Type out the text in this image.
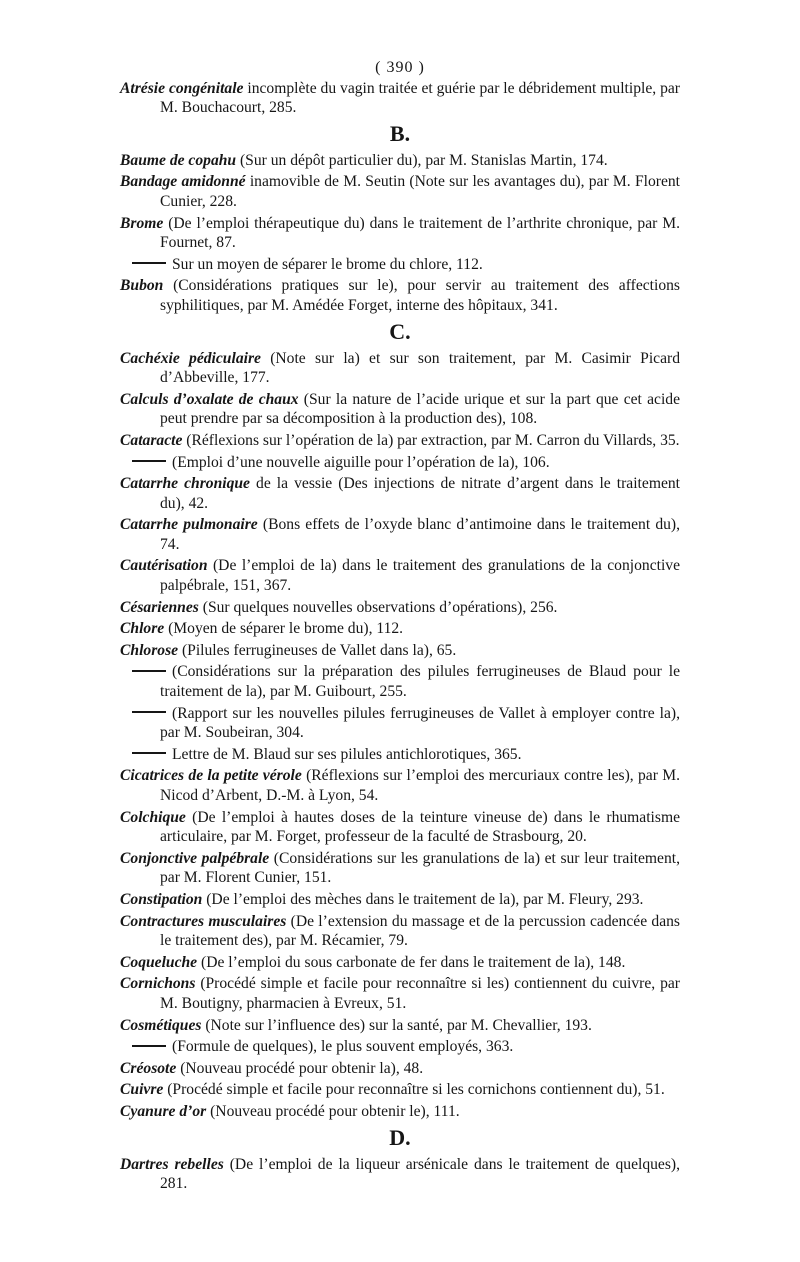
( 390 )

Atrésie congénitale incomplète du vagin traitée et guérie par le débridement multiple, par M. Bouchacourt, 285.

B.

Baume de copahu (Sur un dépôt particulier du), par M. Stanislas Martin, 174.

Bandage amidonné inamovible de M. Seutin (Note sur les avantages du), par M. Florent Cunier, 228.

Brome (De l’emploi thérapeutique du) dans le traitement de l’arthrite chronique, par M. Fournet, 87.

Sur un moyen de séparer le brome du chlore, 112.

Bubon (Considérations pratiques sur le), pour servir au traitement des affections syphilitiques, par M. Amédée Forget, interne des hôpitaux, 341.

C.

Cachéxie pédiculaire (Note sur la) et sur son traitement, par M. Casimir Picard d’Abbeville, 177.

Calculs d’oxalate de chaux (Sur la nature de l’acide urique et sur la part que cet acide peut prendre par sa décomposition à la production des), 108.

Cataracte (Réflexions sur l’opération de la) par extraction, par M. Carron du Villards, 35.

(Emploi d’une nouvelle aiguille pour l’opération de la), 106.

Catarrhe chronique de la vessie (Des injections de nitrate d’argent dans le traitement du), 42.

Catarrhe pulmonaire (Bons effets de l’oxyde blanc d’antimoine dans le traitement du), 74.

Cautérisation (De l’emploi de la) dans le traitement des granulations de la conjonctive palpébrale, 151, 367.

Césariennes (Sur quelques nouvelles observations d’opérations), 256.

Chlore (Moyen de séparer le brome du), 112.

Chlorose (Pilules ferrugineuses de Vallet dans la), 65.

(Considérations sur la préparation des pilules ferrugineuses de Blaud pour le traitement de la), par M. Guibourt, 255.

(Rapport sur les nouvelles pilules ferrugineuses de Vallet à employer contre la), par M. Soubeiran, 304.

Lettre de M. Blaud sur ses pilules antichlorotiques, 365.

Cicatrices de la petite vérole (Réflexions sur l’emploi des mercuriaux contre les), par M. Nicod d’Arbent, D.-M. à Lyon, 54.

Colchique (De l’emploi à hautes doses de la teinture vineuse de) dans le rhumatisme articulaire, par M. Forget, professeur de la faculté de Strasbourg, 20.

Conjonctive palpébrale (Considérations sur les granulations de la) et sur leur traitement, par M. Florent Cunier, 151.

Constipation (De l’emploi des mèches dans le traitement de la), par M. Fleury, 293.

Contractures musculaires (De l’extension du massage et de la percussion cadencée dans le traitement des), par M. Récamier, 79.

Coqueluche (De l’emploi du sous carbonate de fer dans le traitement de la), 148.

Cornichons (Procédé simple et facile pour reconnaître si les) contiennent du cuivre, par M. Boutigny, pharmacien à Evreux, 51.

Cosmétiques (Note sur l’influence des) sur la santé, par M. Chevallier, 193.

(Formule de quelques), le plus souvent employés, 363.

Créosote (Nouveau procédé pour obtenir la), 48.

Cuivre (Procédé simple et facile pour reconnaître si les cornichons contiennent du), 51.

Cyanure d’or (Nouveau procédé pour obtenir le), 111.

D.

Dartres rebelles (De l’emploi de la liqueur arsénicale dans le traitement de quelques), 281.
